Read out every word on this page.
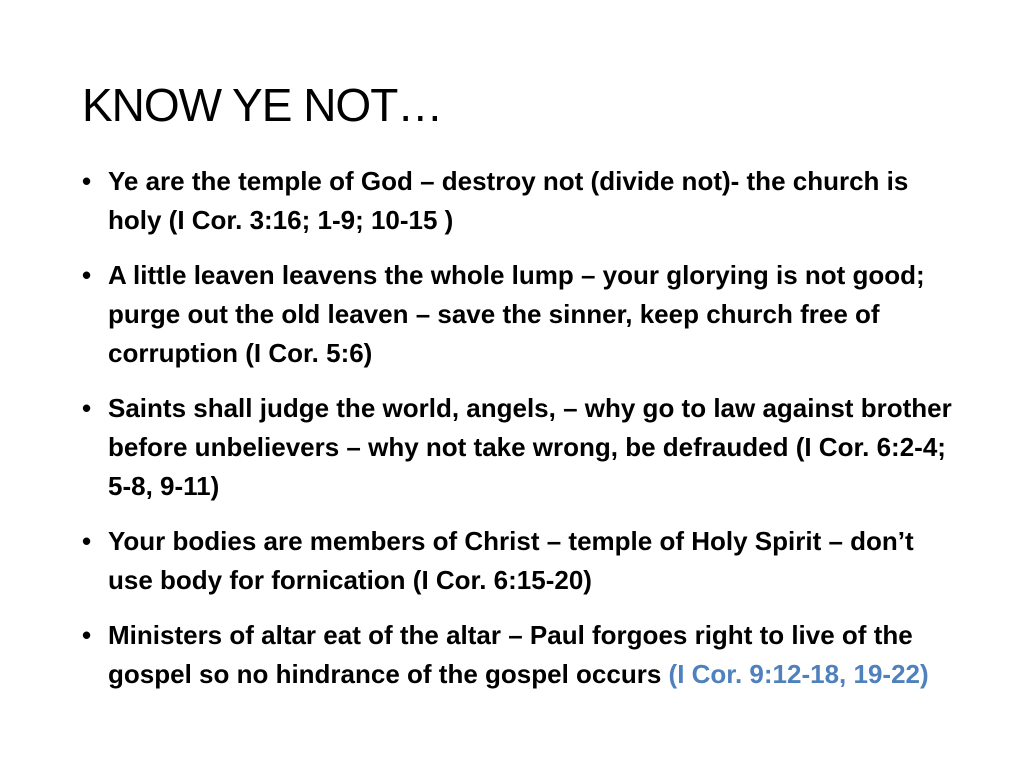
KNOW YE NOT…
• Ye are the temple of God – destroy not (divide not)- the church is holy (I Cor. 3:16; 1-9; 10-15 )
• A little leaven leavens the whole lump – your glorying is not good; purge out the old leaven – save the sinner, keep church free of corruption (I Cor. 5:6)
• Saints shall judge the world, angels, – why go to law against brother before unbelievers – why not take wrong, be defrauded (I Cor. 6:2-4; 5-8, 9-11)
• Your bodies are members of Christ – temple of Holy Spirit – don’t use body for fornication (I Cor. 6:15-20)
• Ministers of altar eat of the altar – Paul forgoes right to live of the gospel so no hindrance of the gospel occurs (I Cor. 9:12-18, 19-22)
